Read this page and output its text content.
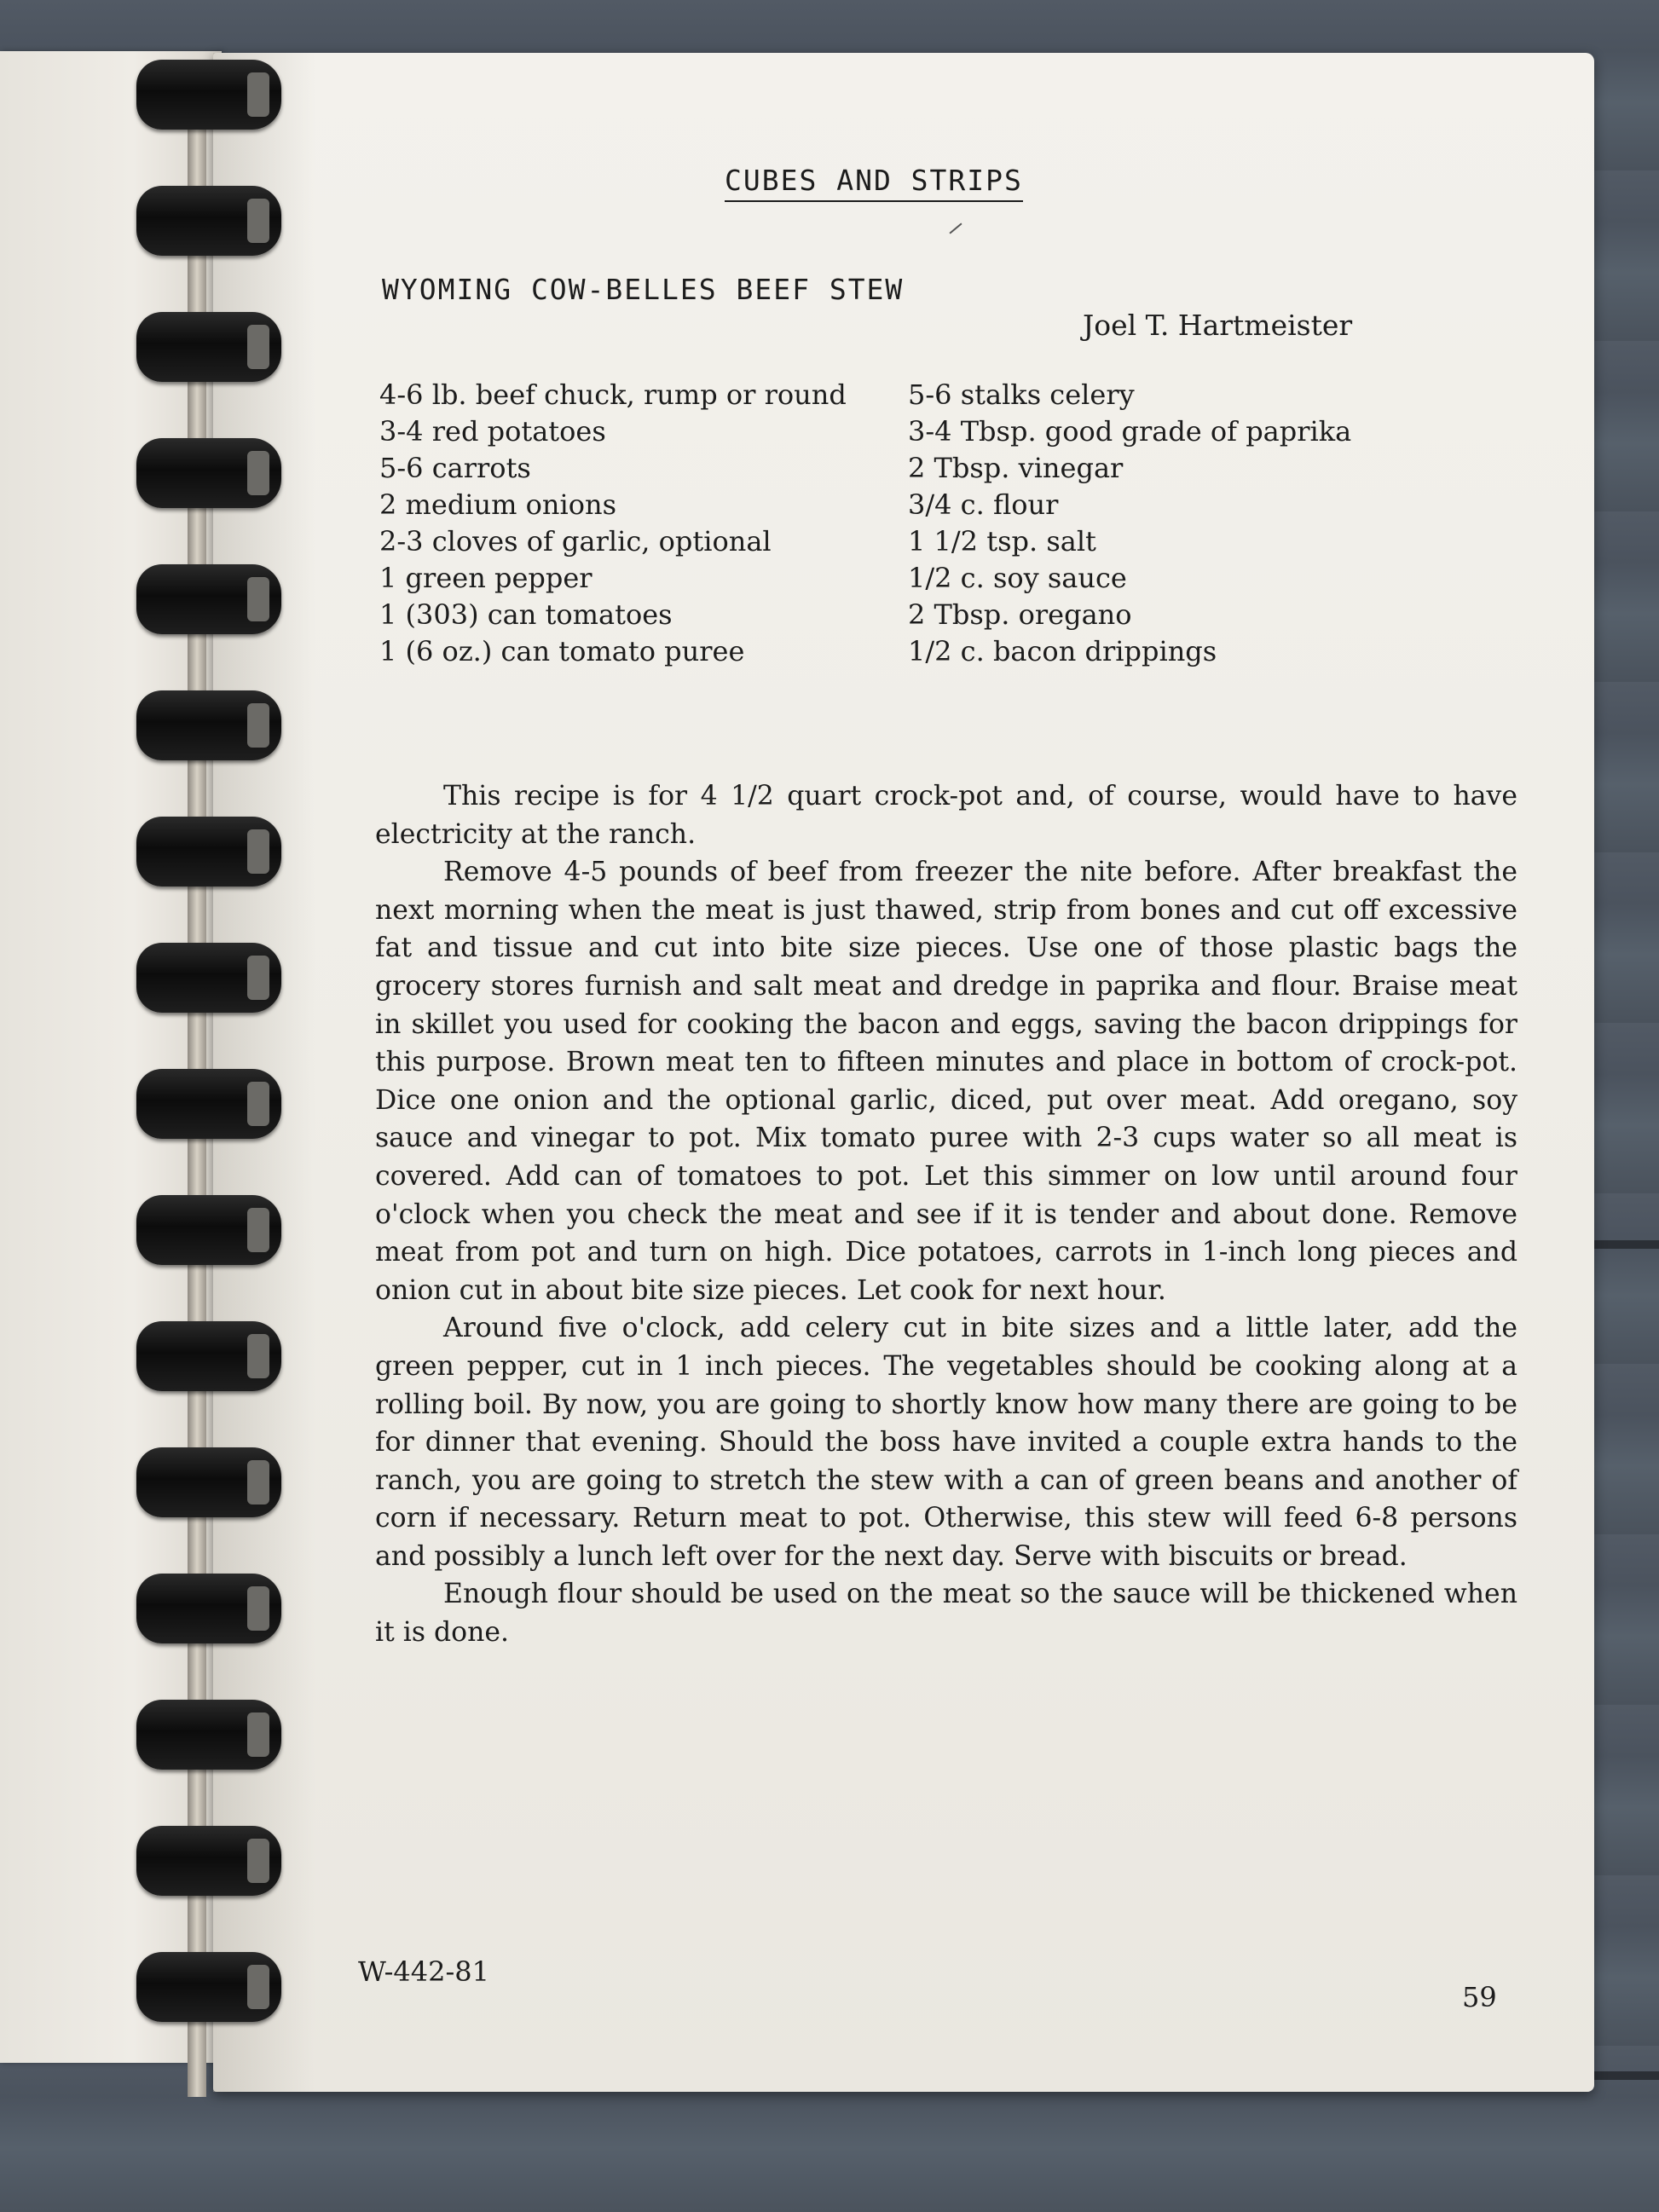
CUBES AND STRIPS
WYOMING COW-BELLES BEEF STEW
Joel T. Hartmeister
4-6 lb. beef chuck, rump or round
3-4 red potatoes
5-6 carrots
2 medium onions
2-3 cloves of garlic, optional
1 green pepper
1 (303) can tomatoes
1 (6 oz.) can tomato puree
5-6 stalks celery
3-4 Tbsp. good grade of paprika
2 Tbsp. vinegar
3/4 c. flour
1 1/2 tsp. salt
1/2 c. soy sauce
2 Tbsp. oregano
1/2 c. bacon drippings

This recipe is for 4 1/2 quart crock-pot and, of course, would have to have electricity at the ranch.

Remove 4-5 pounds of beef from freezer the nite before. After breakfast the next morning when the meat is just thawed, strip from bones and cut off excessive fat and tissue and cut into bite size pieces. Use one of those plastic bags the grocery stores furnish and salt meat and dredge in paprika and flour. Braise meat in skillet you used for cooking the bacon and eggs, saving the bacon drippings for this purpose. Brown meat ten to fifteen minutes and place in bottom of crock-pot. Dice one onion and the optional garlic, diced, put over meat. Add oregano, soy sauce and vinegar to pot. Mix tomato puree with 2-3 cups water so all meat is covered. Add can of tomatoes to pot. Let this simmer on low until around four o'clock when you check the meat and see if it is tender and about done. Remove meat from pot and turn on high. Dice potatoes, carrots in 1-inch long pieces and onion cut in about bite size pieces. Let cook for next hour.

Around five o'clock, add celery cut in bite sizes and a little later, add the green pepper, cut in 1 inch pieces. The vegetables should be cooking along at a rolling boil. By now, you are going to shortly know how many there are going to be for dinner that evening. Should the boss have invited a couple extra hands to the ranch, you are going to stretch the stew with a can of green beans and another of corn if necessary. Return meat to pot. Otherwise, this stew will feed 6-8 persons and possibly a lunch left over for the next day. Serve with biscuits or bread.

Enough flour should be used on the meat so the sauce will be thickened when it is done.

W-442-81
59
